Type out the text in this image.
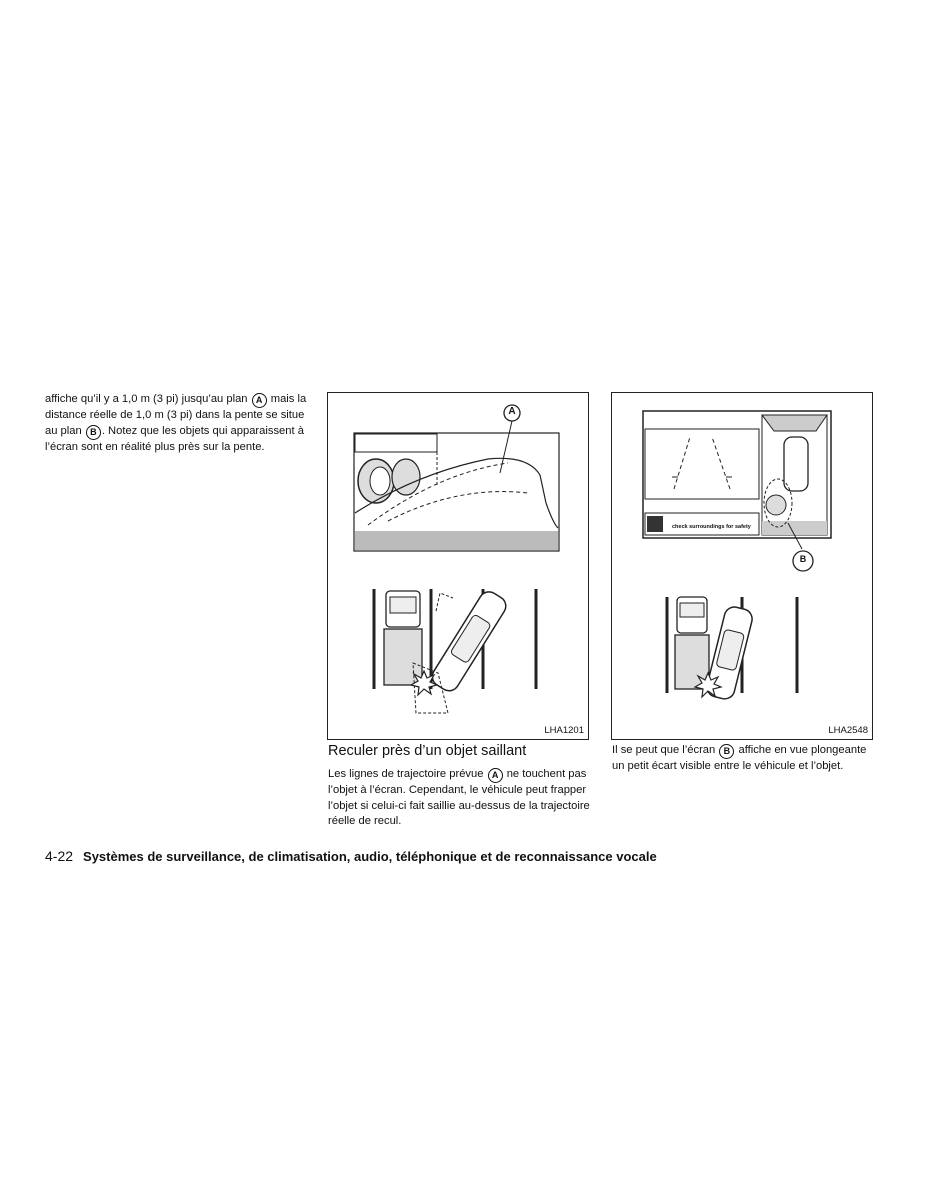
affiche qu’il y a 1,0 m (3 pi) jusqu’au plan A mais la distance réelle de 1,0 m (3 pi) dans la pente se situe au plan B . Notez que les objets qui apparaissent à l’écran sont en réalité plus près sur la pente.
A
LHA1201
Reculer près d’un objet saillant
Les lignes de trajectoire prévue A ne touchent pas l’objet à l’écran. Cependant, le véhicule peut frapper l’objet si celui-ci fait saillie au-dessus de la trajectoire réelle de recul.
check surroundings for safety
B
LHA2548
Il se peut que l’écran B affiche en vue plongeante un petit écart visible entre le véhicule et l’objet.
4-22 Systèmes de surveillance, de climatisation, audio, téléphonique et de reconnaissance vocale
